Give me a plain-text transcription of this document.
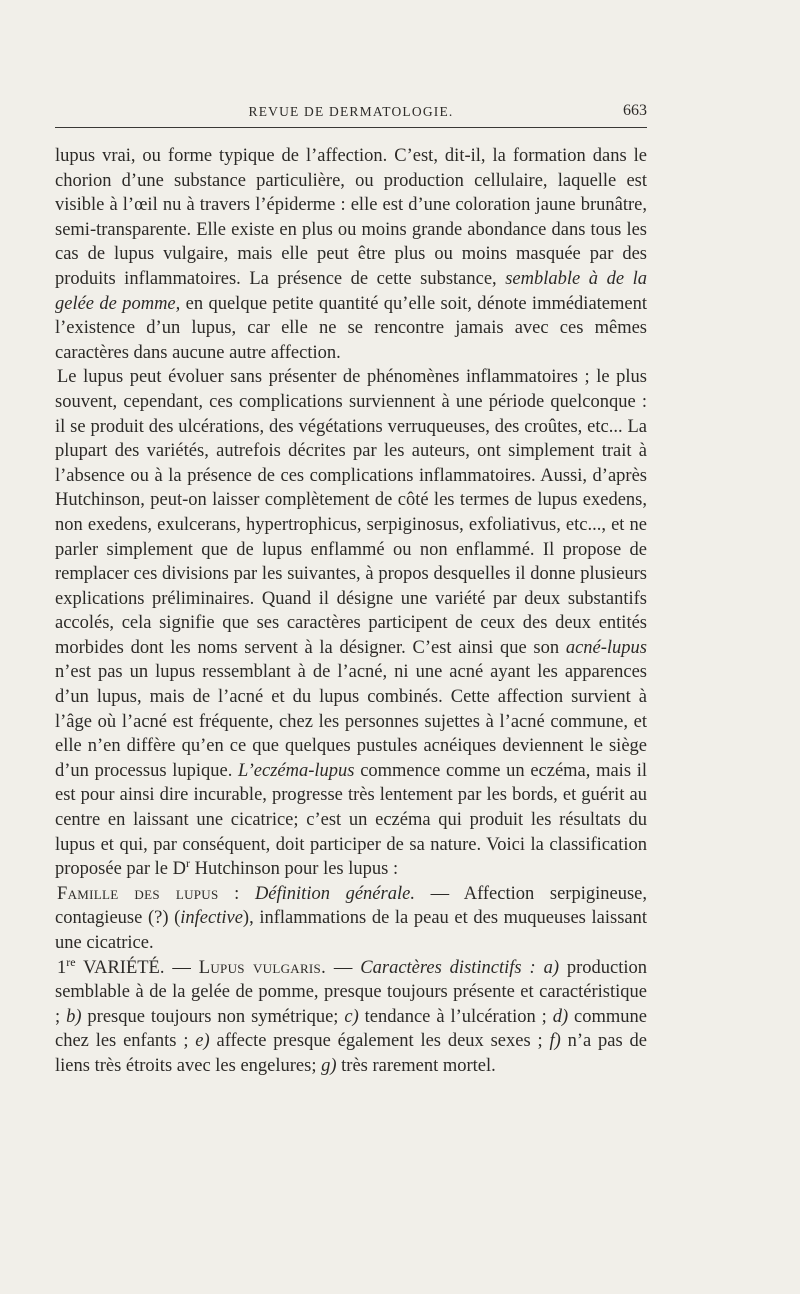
REVUE DE DERMATOLOGIE.	663

lupus vrai, ou forme typique de l’affection. C’est, dit-il, la formation dans le chorion d’une substance particulière, ou production cellulaire, laquelle est visible à l’œil nu à travers l’épiderme : elle est d’une coloration jaune brunâtre, semi-transparente. Elle existe en plus ou moins grande abondance dans tous les cas de lupus vulgaire, mais elle peut être plus ou moins masquée par des produits inflammatoires. La présence de cette substance, semblable à de la gelée de pomme, en quelque petite quantité qu’elle soit, dénote immédiatement l’existence d’un lupus, car elle ne se rencontre jamais avec ces mêmes caractères dans aucune autre affection.

Le lupus peut évoluer sans présenter de phénomènes inflammatoires ; le plus souvent, cependant, ces complications surviennent à une période quelconque : il se produit des ulcérations, des végétations verruqueuses, des croûtes, etc... La plupart des variétés, autrefois décrites par les auteurs, ont simplement trait à l’absence ou à la présence de ces complications inflammatoires. Aussi, d’après Hutchinson, peut-on laisser complètement de côté les termes de lupus exedens, non exedens, exulcerans, hypertrophicus, serpiginosus, exfoliativus, etc..., et ne parler simplement que de lupus enflammé ou non enflammé. Il propose de remplacer ces divisions par les suivantes, à propos desquelles il donne plusieurs explications préliminaires. Quand il désigne une variété par deux substantifs accolés, cela signifie que ses caractères participent de ceux des deux entités morbides dont les noms servent à la désigner. C’est ainsi que son acné-lupus n’est pas un lupus ressemblant à de l’acné, ni une acné ayant les apparences d’un lupus, mais de l’acné et du lupus combinés. Cette affection survient à l’âge où l’acné est fréquente, chez les personnes sujettes à l’acné commune, et elle n’en diffère qu’en ce que quelques pustules acnéiques deviennent le siège d’un processus lupique. L’eczéma-lupus commence comme un eczéma, mais il est pour ainsi dire incurable, progresse très lentement par les bords, et guérit au centre en laissant une cicatrice; c’est un eczéma qui produit les résultats du lupus et qui, par conséquent, doit participer de sa nature. Voici la classification proposée par le $D^r$ Hutchinson pour les lupus :

Famille des lupus : Définition générale. — Affection serpigineuse, contagieuse (?) (infective), inflammations de la peau et des muqueuses laissant une cicatrice.

1re VARIÉTÉ. — Lupus vulgaris. — Caractères distinctifs : a) production semblable à de la gelée de pomme, presque toujours présente et caractéristique ; b) presque toujours non symétrique; c) tendance à l’ulcération ; d) commune chez les enfants ; e) affecte presque également les deux sexes ; f) n’a pas de liens très étroits avec les engelures; g) très rarement mortel.
